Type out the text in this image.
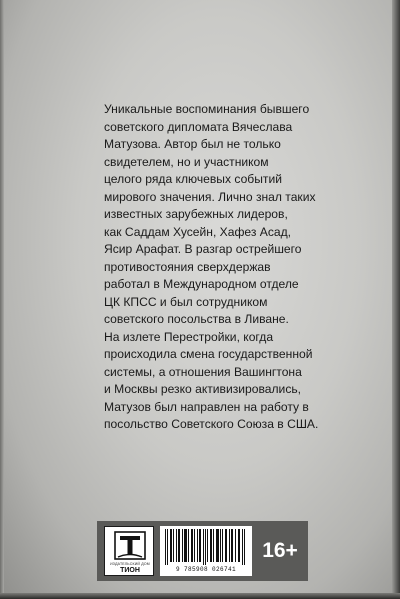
Уникальные воспоминания бывшего
советского дипломата Вячеслава
Матузова. Автор был не только
свидетелем, но и участником
целого ряда ключевых событий
мирового значения. Лично знал таких
известных зарубежных лидеров,
как Саддам Хусейн, Хафез Асад,
Ясир Арафат. В разгар острейшего
противостояния сверхдержав
работал в Международном отделе
ЦК КПСС и был сотрудником
советского посольства в Ливане.
На излете Перестройки, когда
происходила смена государственной
системы, а отношения Вашингтона
и Москвы резко активизировались,
Матузов был направлен на работу в
посольство Советского Союза в США.
ИЗДАТЕЛЬСКИЙ ДОМ
ТИОН	9 785908 026741
16+
